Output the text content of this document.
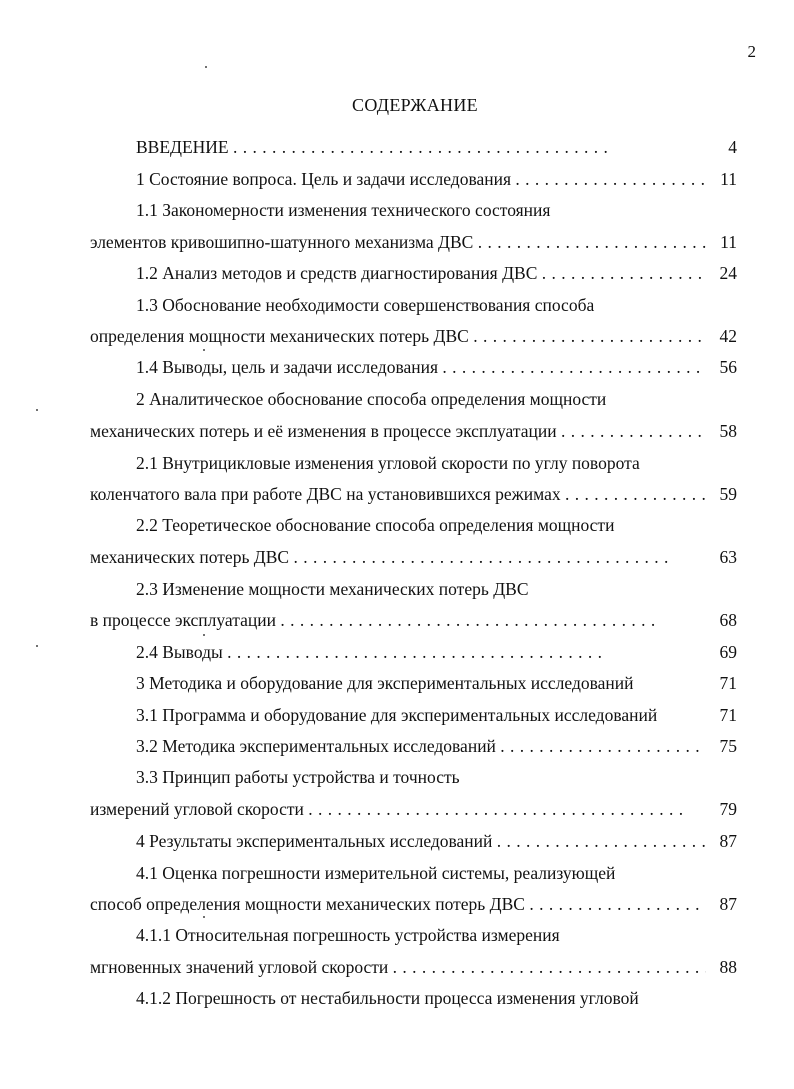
2
СОДЕРЖАНИЕ
ВВЕДЕНИЕ	4
. .
1 Состояние вопроса. Цель и задачи исследования	11
. .
1.1 Закономерности изменения технического состояния
элементов кривошипно-шатунного механизма ДВС	11
. .
1.2 Анализ методов и средств диагностирования ДВС	24
. .
1.3 Обоснование необходимости совершенствования способа
определения мощности механических потерь ДВС	42
. .
1.4 Выводы, цель и задачи исследования	56
. .
2 Аналитическое обоснование способа определения мощности
механических потерь и её изменения в процессе эксплуатации	58
. .
2.1 Внутрицикловые изменения угловой скорости по углу поворота
коленчатого вала при работе ДВС на установившихся режимах	59
. .
2.2 Теоретическое обоснование способа определения мощности
механических потерь ДВС	63
. .
2.3 Изменение мощности механических потерь ДВС
в процессе эксплуатации	68
. .
2.4 Выводы	69
. .
3 Методика и оборудование для экспериментальных исследований	71
3.1 Программа и оборудование для экспериментальных исследований	71
3.2 Методика экспериментальных исследований	75
. .
3.3 Принцип работы устройства и точность
измерений угловой скорости	79
. .
4 Результаты экспериментальных исследований	87
. .
4.1 Оценка погрешности измерительной системы, реализующей
способ определения мощности механических потерь ДВС	87
. .
4.1.1 Относительная погрешность устройства измерения
мгновенных значений угловой скорости	88
. .
4.1.2 Погрешность от нестабильности процесса изменения угловой
